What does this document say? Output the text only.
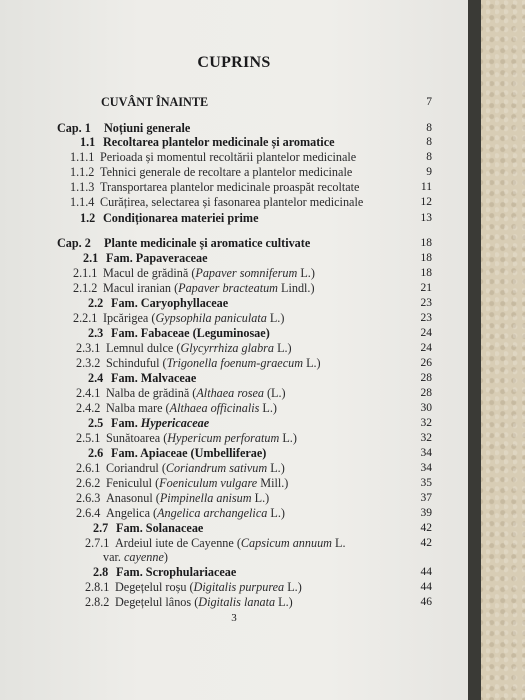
CUPRINS
CUVÂNT ÎNAINTE	7
Cap. 1 Noțiuni generale	8
1.1 Recoltarea plantelor medicinale și aromatice	8
1.1.1 Perioada și momentul recoltării plantelor medicinale	8
1.1.2 Tehnici generale de recoltare a plantelor medicinale	9
1.1.3 Transportarea plantelor medicinale proaspăt recoltate	11
1.1.4 Curățirea, selectarea și fasonarea plantelor medicinale	12
1.2 Condiționarea materiei prime	13
Cap. 2 Plante medicinale și aromatice cultivate	18
2.1 Fam. Papaveraceae	18
2.1.1 Macul de grădină (Papaver somniferum L.)	18
2.1.2 Macul iranian (Papaver bracteatum Lindl.)	21
2.2 Fam. Caryophyllaceae	23
2.2.1 Ipcărigea (Gypsophila paniculata L.)	23
2.3 Fam. Fabaceae (Leguminosae)	24
2.3.1 Lemnul dulce (Glycyrrhiza glabra L.)	24
2.3.2 Schinduful (Trigonella foenum-graecum L.)	26
2.4 Fam. Malvaceae	28
2.4.1 Nalba de grădină (Althaea rosea (L.)	28
2.4.2 Nalba mare (Althaea officinalis L.)	30
2.5 Fam. Hypericaceae	32
2.5.1 Sunătoarea (Hypericum perforatum L.)	32
2.6 Fam. Apiaceae (Umbelliferae)	34
2.6.1 Coriandrul (Coriandrum sativum L.)	34
2.6.2 Feniculul (Foeniculum vulgare Mill.)	35
2.6.3 Anasonul (Pimpinella anisum L.)	37
2.6.4 Angelica (Angelica archangelica L.)	39
2.7 Fam. Solanaceae	42
2.7.1 Ardeiul iute de Cayenne (Capsicum annuum L.	42
var. cayenne)
2.8 Fam. Scrophulariaceae	44
2.8.1 Degețelul roșu (Digitalis purpurea L.)	44
2.8.2 Degețelul lânos (Digitalis lanata L.)	46
3
